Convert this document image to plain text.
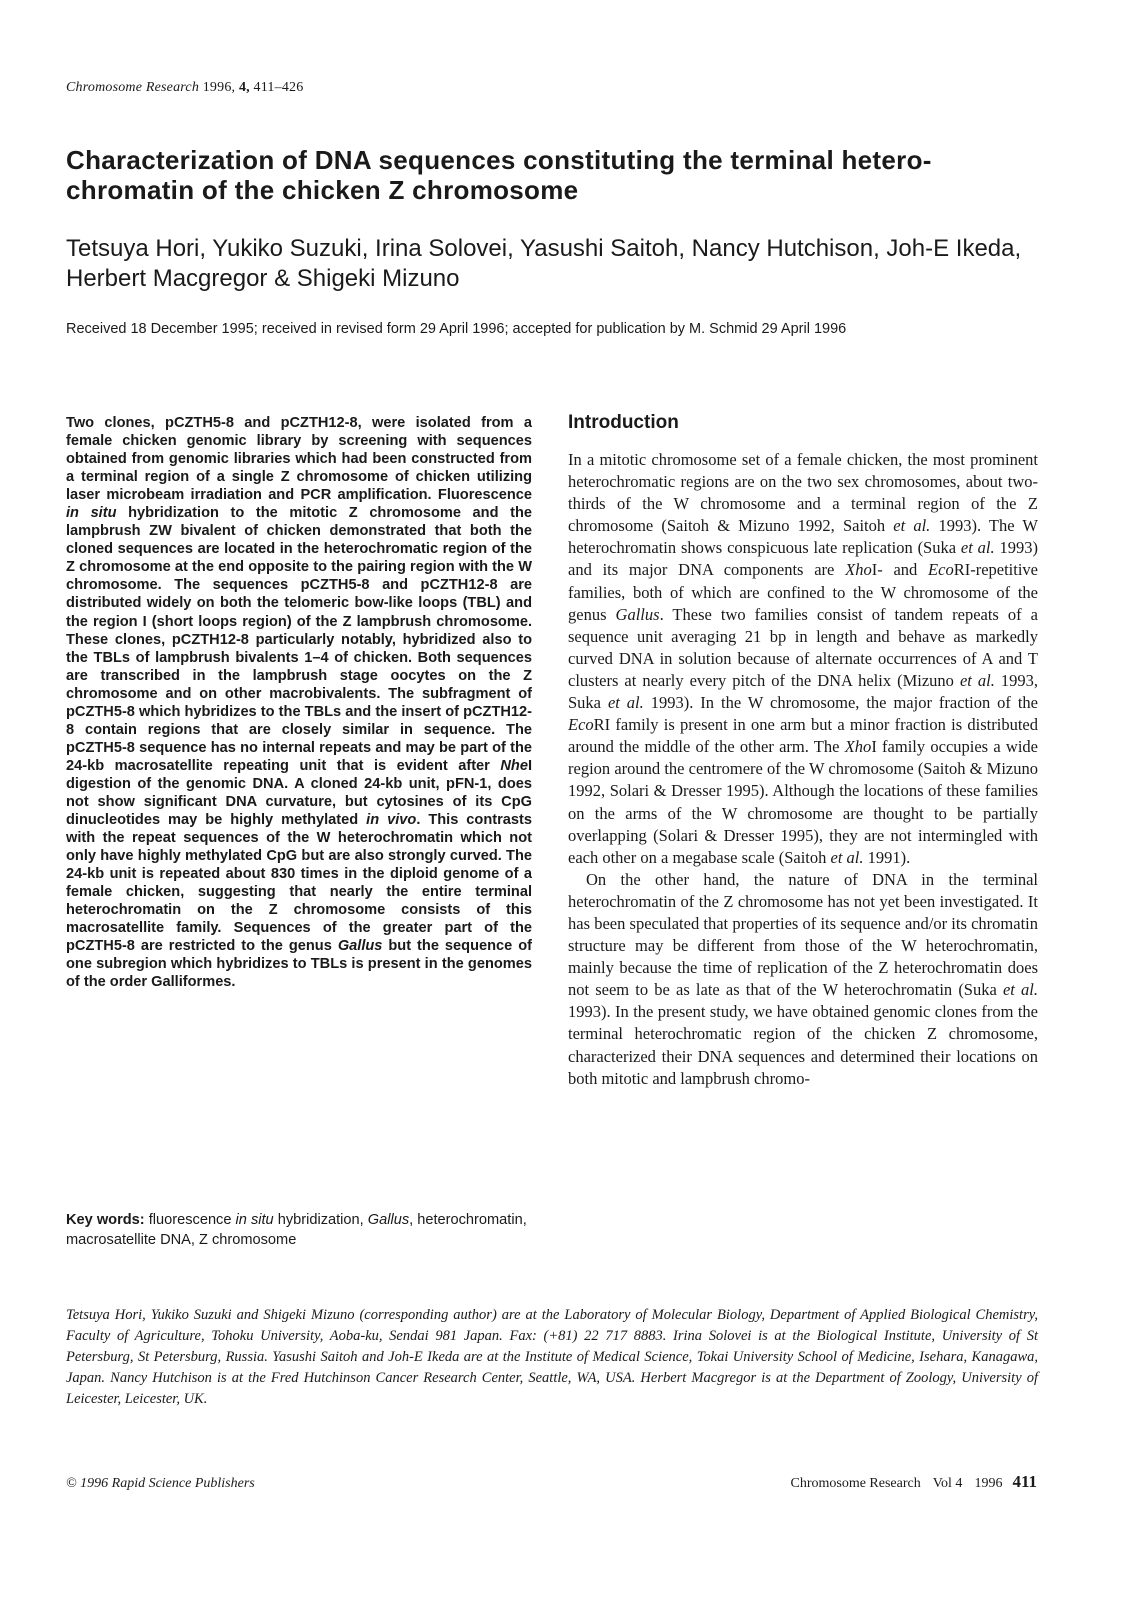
Chromosome Research 1996, 4, 411–426
Characterization of DNA sequences constituting the terminal hetero-chromatin of the chicken Z chromosome
Tetsuya Hori, Yukiko Suzuki, Irina Solovei, Yasushi Saitoh, Nancy Hutchison, Joh-E Ikeda, Herbert Macgregor & Shigeki Mizuno
Received 18 December 1995; received in revised form 29 April 1996; accepted for publication by M. Schmid 29 April 1996
Two clones, pCZTH5-8 and pCZTH12-8, were isolated from a female chicken genomic library by screening with sequences obtained from genomic libraries which had been constructed from a terminal region of a single Z chromosome of chicken utilizing laser microbeam irradiation and PCR amplification. Fluorescence in situ hybridization to the mitotic Z chromosome and the lampbrush ZW bivalent of chicken demonstrated that both the cloned sequences are located in the heterochromatic region of the Z chromosome at the end opposite to the pairing region with the W chromosome. The sequences pCZTH5-8 and pCZTH12-8 are distributed widely on both the telomeric bow-like loops (TBL) and the region I (short loops region) of the Z lampbrush chromosome. These clones, pCZTH12-8 particularly notably, hybridized also to the TBLs of lampbrush bivalents 1–4 of chicken. Both sequences are transcribed in the lampbrush stage oocytes on the Z chromosome and on other macrobivalents. The subfragment of pCZTH5-8 which hybridizes to the TBLs and the insert of pCZTH12-8 contain regions that are closely similar in sequence. The pCZTH5-8 sequence has no internal repeats and may be part of the 24-kb macrosatellite repeating unit that is evident after NheI digestion of the genomic DNA. A cloned 24-kb unit, pFN-1, does not show significant DNA curvature, but cytosines of its CpG dinucleotides may be highly methylated in vivo. This contrasts with the repeat sequences of the W heterochromatin which not only have highly methylated CpG but are also strongly curved. The 24-kb unit is repeated about 830 times in the diploid genome of a female chicken, suggesting that nearly the entire terminal heterochromatin on the Z chromosome consists of this macrosatellite family. Sequences of the greater part of the pCZTH5-8 are restricted to the genus Gallus but the sequence of one subregion which hybridizes to TBLs is present in the genomes of the order Galliformes.
Key words: fluorescence in situ hybridization, Gallus, heterochromatin, macrosatellite DNA, Z chromosome
Introduction

In a mitotic chromosome set of a female chicken, the most prominent heterochromatic regions are on the two sex chromosomes, about two-thirds of the W chromosome and a terminal region of the Z chromosome (Saitoh & Mizuno 1992, Saitoh et al. 1993). The W heterochromatin shows conspicuous late replication (Suka et al. 1993) and its major DNA components are XhoI- and EcoRI-repetitive families, both of which are confined to the W chromosome of the genus Gallus. These two families consist of tandem repeats of a sequence unit averaging 21 bp in length and behave as markedly curved DNA in solution because of alternate occurrences of A and T clusters at nearly every pitch of the DNA helix (Mizuno et al. 1993, Suka et al. 1993). In the W chromosome, the major fraction of the EcoRI family is present in one arm but a minor fraction is distributed around the middle of the other arm. The XhoI family occupies a wide region around the centromere of the W chromosome (Saitoh & Mizuno 1992, Solari & Dresser 1995). Although the locations of these families on the arms of the W chromosome are thought to be partially overlapping (Solari & Dresser 1995), they are not intermingled with each other on a megabase scale (Saitoh et al. 1991).

On the other hand, the nature of DNA in the terminal heterochromatin of the Z chromosome has not yet been investigated. It has been speculated that properties of its sequence and/or its chromatin structure may be different from those of the W heterochromatin, mainly because the time of replication of the Z heterochromatin does not seem to be as late as that of the W heterochromatin (Suka et al. 1993). In the present study, we have obtained genomic clones from the terminal heterochromatic region of the chicken Z chromosome, characterized their DNA sequences and determined their locations on both mitotic and lampbrush chromo-

Tetsuya Hori, Yukiko Suzuki and Shigeki Mizuno (corresponding author) are at the Laboratory of Molecular Biology, Department of Applied Biological Chemistry, Faculty of Agriculture, Tohoku University, Aoba-ku, Sendai 981 Japan. Fax: (+81) 22 717 8883. Irina Solovei is at the Biological Institute, University of St Petersburg, St Petersburg, Russia. Yasushi Saitoh and Joh-E Ikeda are at the Institute of Medical Science, Tokai University School of Medicine, Isehara, Kanagawa, Japan. Nancy Hutchison is at the Fred Hutchinson Cancer Research Center, Seattle, WA, USA. Herbert Macgregor is at the Department of Zoology, University of Leicester, Leicester, UK.
© 1996 Rapid Science Publishers	Chromosome Research Vol 4 1996 411
